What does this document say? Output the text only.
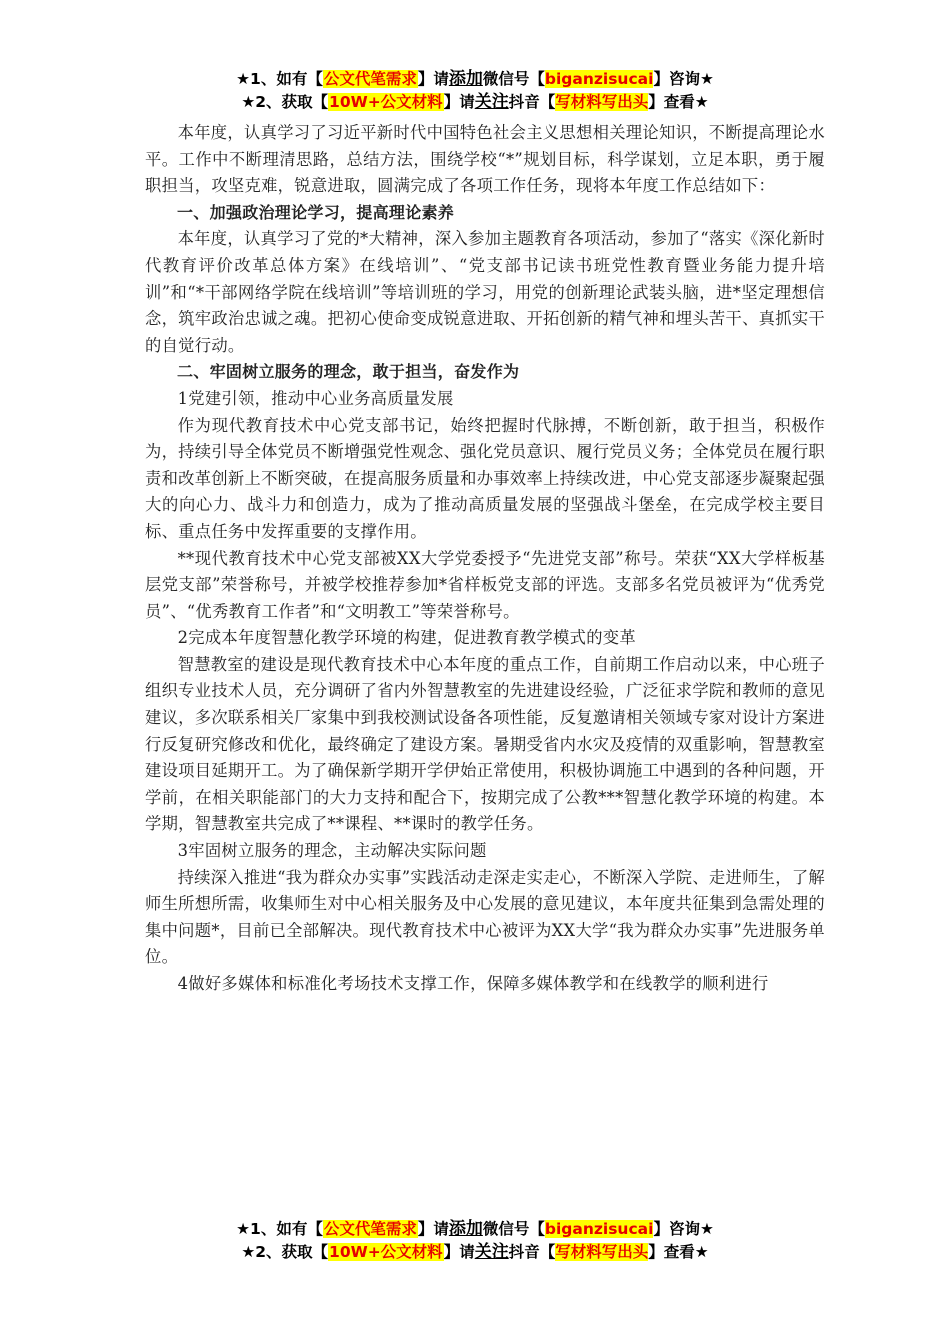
★1、如有【公文代笔需求】请添加微信号【biganzisucai】咨询★
★2、获取【10W+公文材料】请关注抖音【写材料写出头】查看★

本年度，认真学习了习近平新时代中国特色社会主义思想相关理论知识，不断提高理论水平。工作中不断理清思路，总结方法，围绕学校“*”规划目标，科学谋划，立足本职，勇于履职担当，攻坚克难，锐意进取，圆满完成了各项工作任务，现将本年度工作总结如下：

一、加强政治理论学习，提高理论素养

本年度，认真学习了党的*大精神，深入参加主题教育各项活动，参加了“落实《深化新时代教育评价改革总体方案》在线培训”、“党支部书记读书班党性教育暨业务能力提升培训”和“*干部网络学院在线培训”等培训班的学习，用党的创新理论武装头脑，进*坚定理想信念，筑牢政治忠诚之魂。把初心使命变成锐意进取、开拓创新的精气神和埋头苦干、真抓实干的自觉行动。

二、牢固树立服务的理念，敢于担当，奋发作为

1党建引领，推动中心业务高质量发展

作为现代教育技术中心党支部书记，始终把握时代脉搏，不断创新，敢于担当，积极作为，持续引导全体党员不断增强党性观念、强化党员意识、履行党员义务；全体党员在履行职责和改革创新上不断突破，在提高服务质量和办事效率上持续改进，中心党支部逐步凝聚起强大的向心力、战斗力和创造力，成为了推动高质量发展的坚强战斗堡垒，在完成学校主要目标、重点任务中发挥重要的支撑作用。

**现代教育技术中心党支部被XX大学党委授予“先进党支部”称号。荣获“XX大学样板基层党支部”荣誉称号，并被学校推荐参加*省样板党支部的评选。支部多名党员被评为“优秀党员”、“优秀教育工作者”和“文明教工”等荣誉称号。

2完成本年度智慧化教学环境的构建，促进教育教学模式的变革

智慧教室的建设是现代教育技术中心本年度的重点工作，自前期工作启动以来，中心班子组织专业技术人员，充分调研了省内外智慧教室的先进建设经验，广泛征求学院和教师的意见建议，多次联系相关厂家集中到我校测试设备各项性能，反复邀请相关领域专家对设计方案进行反复研究修改和优化，最终确定了建设方案。暑期受省内水灾及疫情的双重影响，智慧教室建设项目延期开工。为了确保新学期开学伊始正常使用，积极协调施工中遇到的各种问题，开学前，在相关职能部门的大力支持和配合下，按期完成了公教***智慧化教学环境的构建。本学期，智慧教室共完成了**课程、**课时的教学任务。

3牢固树立服务的理念，主动解决实际问题

持续深入推进“我为群众办实事”实践活动走深走实走心，不断深入学院、走进师生，了解师生所想所需，收集师生对中心相关服务及中心发展的意见建议，本年度共征集到急需处理的集中问题*，目前已全部解决。现代教育技术中心被评为XX大学“我为群众办实事”先进服务单位。

4做好多媒体和标准化考场技术支撑工作，保障多媒体教学和在线教学的顺利进行

★1、如有【公文代笔需求】请添加微信号【biganzisucai】咨询★
★2、获取【10W+公文材料】请关注抖音【写材料写出头】查看★
